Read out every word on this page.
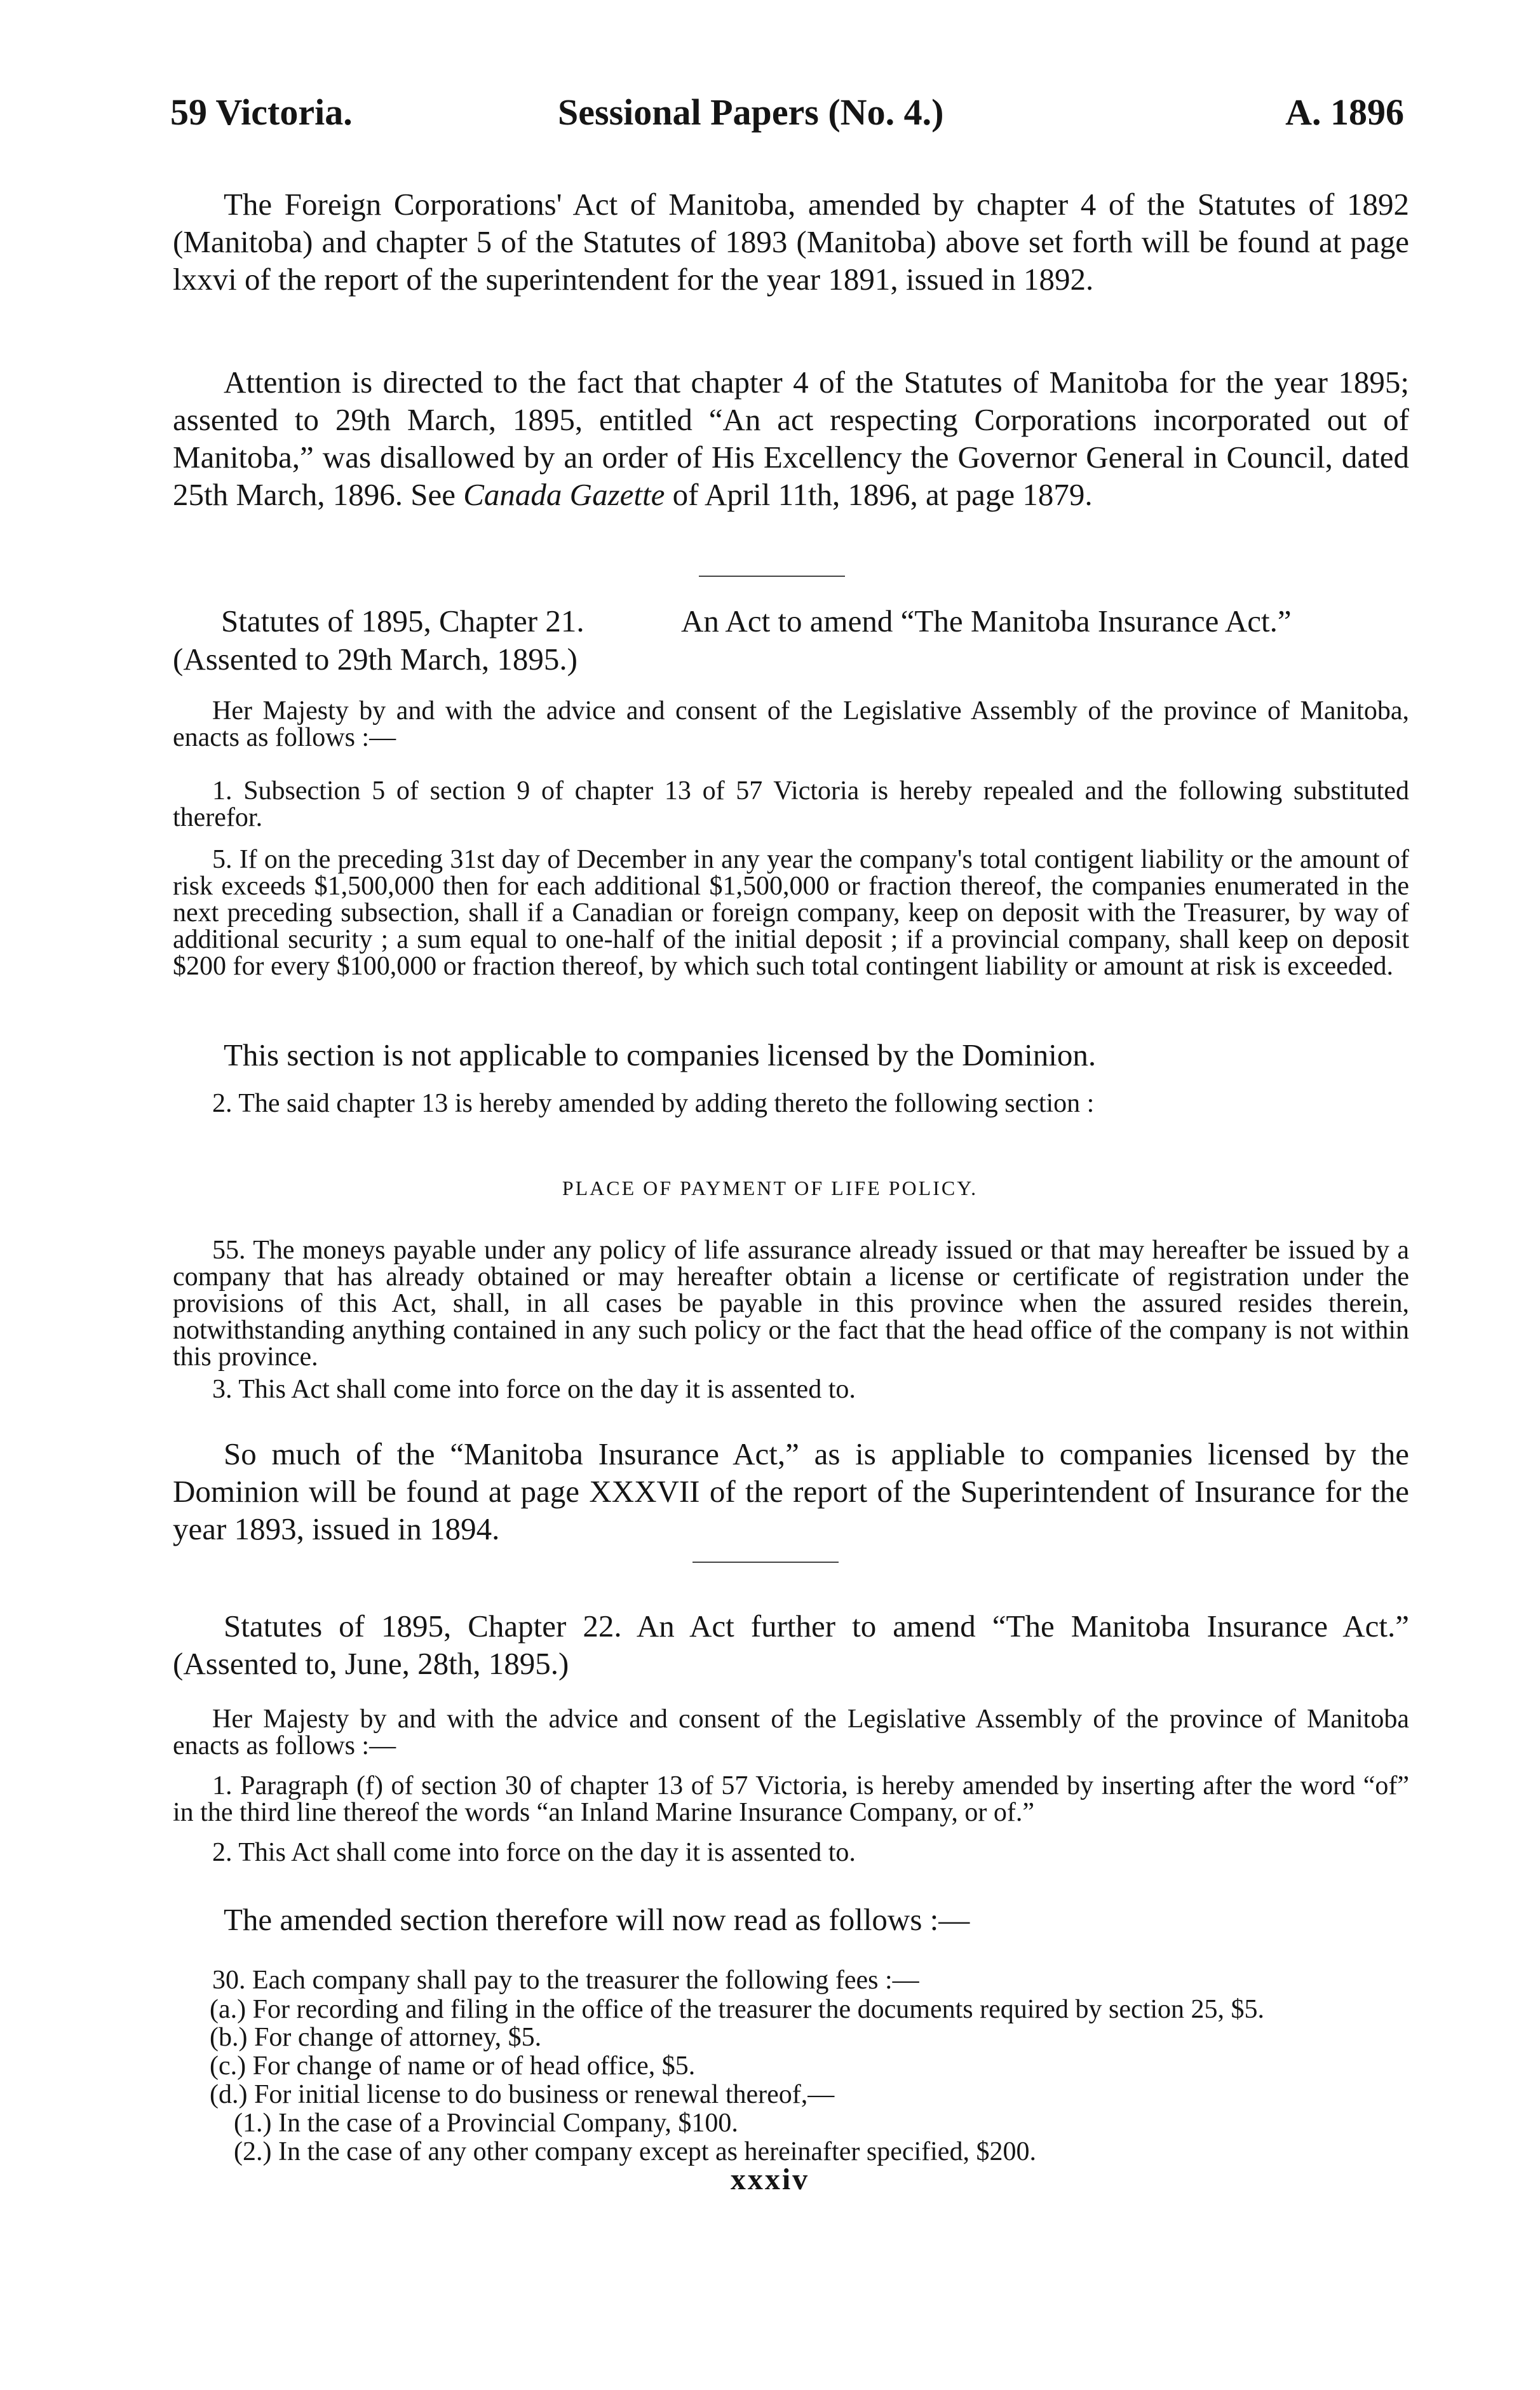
59 Victoria.	Sessional Papers (No. 4.)	A. 1896

The Foreign Corporations' Act of Manitoba, amended by chapter 4 of the Statutes of 1892 (Manitoba) and chapter 5 of the Statutes of 1893 (Manitoba) above set forth will be found at page lxxvi of the report of the superintendent for the year 1891, issued in 1892.

Attention is directed to the fact that chapter 4 of the Statutes of Manitoba for the year 1895; assented to 29th March, 1895, entitled “An act respecting Corporations incorporated out of Manitoba,” was disallowed by an order of His Excellency the Governor General in Council, dated 25th March, 1896. See Canada Gazette of April 11th, 1896, at page 1879.

Statutes of 1895, Chapter 21.	An Act to amend “The Manitoba Insurance Act.”
(Assented to 29th March, 1895.)

Her Majesty by and with the advice and consent of the Legislative Assembly of the province of Manitoba, enacts as follows :—

1. Subsection 5 of section 9 of chapter 13 of 57 Victoria is hereby repealed and the following substituted therefor.

5. If on the preceding 31st day of December in any year the company's total contigent liability or the amount of risk exceeds $1,500,000 then for each additional $1,500,000 or fraction thereof, the companies enumerated in the next preceding subsection, shall if a Canadian or foreign company, keep on deposit with the Treasurer, by way of additional security ; a sum equal to one-half of the initial deposit ; if a provincial company, shall keep on deposit $200 for every $100,000 or fraction thereof, by which such total contingent liability or amount at risk is exceeded.

This section is not applicable to companies licensed by the Dominion.

2. The said chapter 13 is hereby amended by adding thereto the following section :

PLACE OF PAYMENT OF LIFE POLICY.

55. The moneys payable under any policy of life assurance already issued or that may hereafter be issued by a company that has already obtained or may hereafter obtain a license or certificate of registration under the provisions of this Act, shall, in all cases be payable in this province when the assured resides therein, notwithstanding anything contained in any such policy or the fact that the head office of the company is not within this province.

3. This Act shall come into force on the day it is assented to.

So much of the “Manitoba Insurance Act,” as is appliable to companies licensed by the Dominion will be found at page XXXVII of the report of the Superintendent of Insurance for the year 1893, issued in 1894.

Statutes of 1895, Chapter 22. An Act further to amend “The Manitoba Insurance Act.” (Assented to, June, 28th, 1895.)

Her Majesty by and with the advice and consent of the Legislative Assembly of the province of Manitoba enacts as follows :—

1. Paragraph (f) of section 30 of chapter 13 of 57 Victoria, is hereby amended by inserting after the word “of” in the third line thereof the words “an Inland Marine Insurance Company, or of.”

2. This Act shall come into force on the day it is assented to.

The amended section therefore will now read as follows :—

30. Each company shall pay to the treasurer the following fees :—
(a.) For recording and filing in the office of the treasurer the documents required by section 25, $5.
(b.) For change of attorney, $5.
(c.) For change of name or of head office, $5.
(d.) For initial license to do business or renewal thereof,—
(1.) In the case of a Provincial Company, $100.
(2.) In the case of any other company except as hereinafter specified, $200.
xxxiv
